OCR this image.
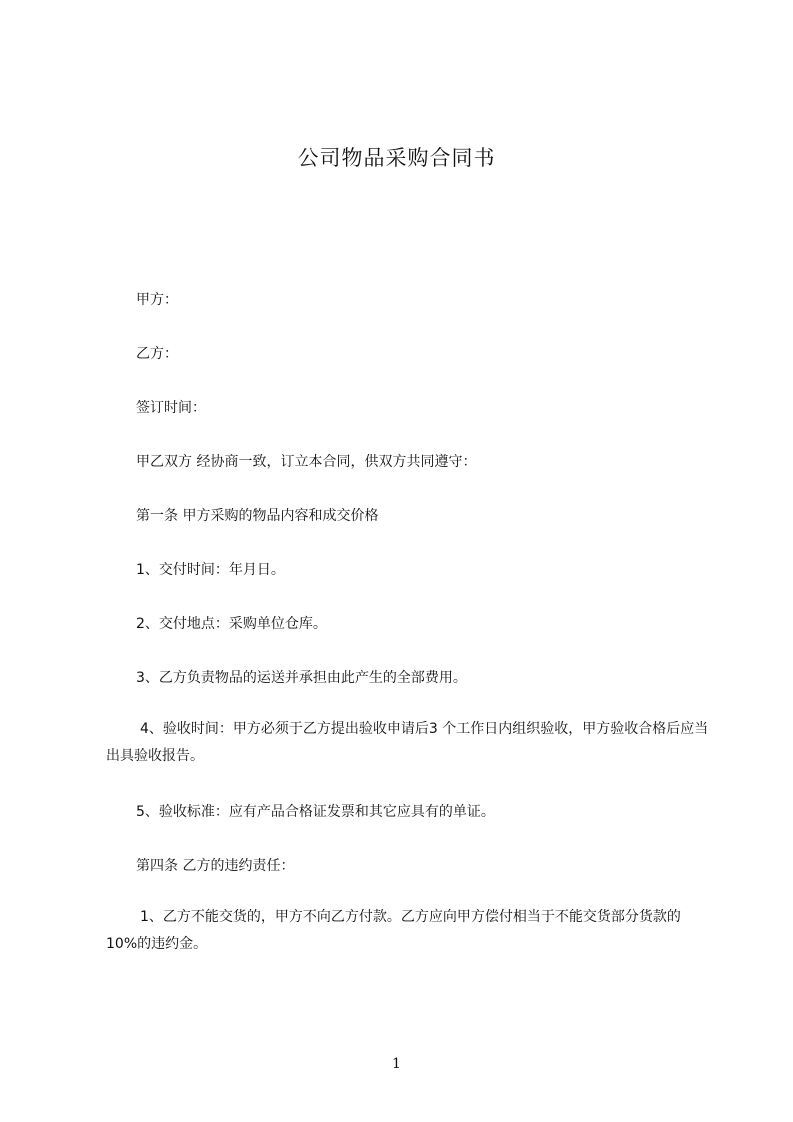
公司物品采购合同书

甲方：

乙方：

签订时间：

甲乙双方 经协商一致，订立本合同，供双方共同遵守：

第一条 甲方采购的物品内容和成交价格

1、交付时间：年月日。

2、交付地点：采购单位仓库。

3、乙方负责物品的运送并承担由此产生的全部费用。

4、验收时间：甲方必须于乙方提出验收申请后3 个工作日内组织验收，甲方验收合格后应当出具验收报告。

5、验收标准：应有产品合格证发票和其它应具有的单证。

第四条 乙方的违约责任：

1、乙方不能交货的，甲方不向乙方付款。乙方应向甲方偿付相当于不能交货部分货款的 10%的违约金。

1
